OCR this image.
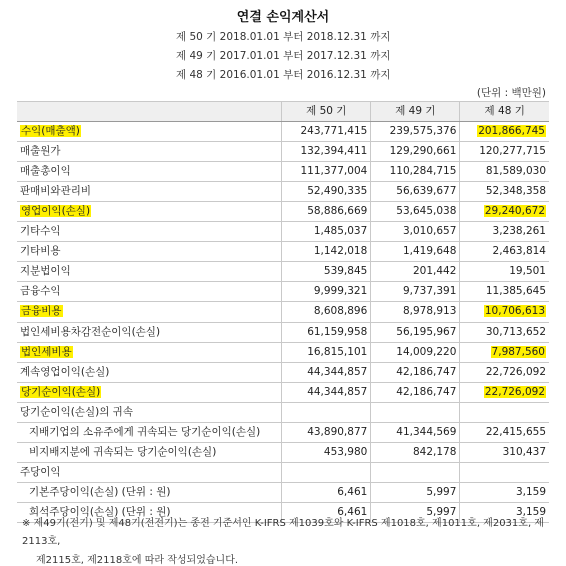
연결 손익계산서
제 50 기 2018.01.01 부터 2018.12.31 까지
제 49 기 2017.01.01 부터 2017.12.31 까지
제 48 기 2016.01.01 부터 2016.12.31 까지
(단위 : 백만원)
	제 50 기	제 49 기	제 48 기
수익(매출액)	243,771,415	239,575,376	201,866,745
매출원가	132,394,411	129,290,661	120,277,715
매출총이익	111,377,004	110,284,715	81,589,030
판매비와관리비	52,490,335	56,639,677	52,348,358
영업이익(손실)	58,886,669	53,645,038	29,240,672
기타수익	1,485,037	3,010,657	3,238,261
기타비용	1,142,018	1,419,648	2,463,814
지분법이익	539,845	201,442	19,501
금융수익	9,999,321	9,737,391	11,385,645
금융비용	8,608,896	8,978,913	10,706,613
법인세비용차감전순이익(손실)	61,159,958	56,195,967	30,713,652
법인세비용	16,815,101	14,009,220	7,987,560
계속영업이익(손실)	44,344,857	42,186,747	22,726,092
당기순이익(손실)	44,344,857	42,186,747	22,726,092
당기순이익(손실)의 귀속			
지배기업의 소유주에게 귀속되는 당기순이익(손실)	43,890,877	41,344,569	22,415,655
비지배지분에 귀속되는 당기순이익(손실)	453,980	842,178	310,437
주당이익			
기본주당이익(손실) (단위 : 원)	6,461	5,997	3,159
희석주당이익(손실) (단위 : 원)	6,461	5,997	3,159
※ 제49기(전기) 및 제48기(전전기)는 종전 기준서인 K-IFRS 제1039호와 K-IFRS 제1018호, 제1011호, 제2031호, 제 2113호,
제2115호, 제2118호에 따라 작성되었습니다.
